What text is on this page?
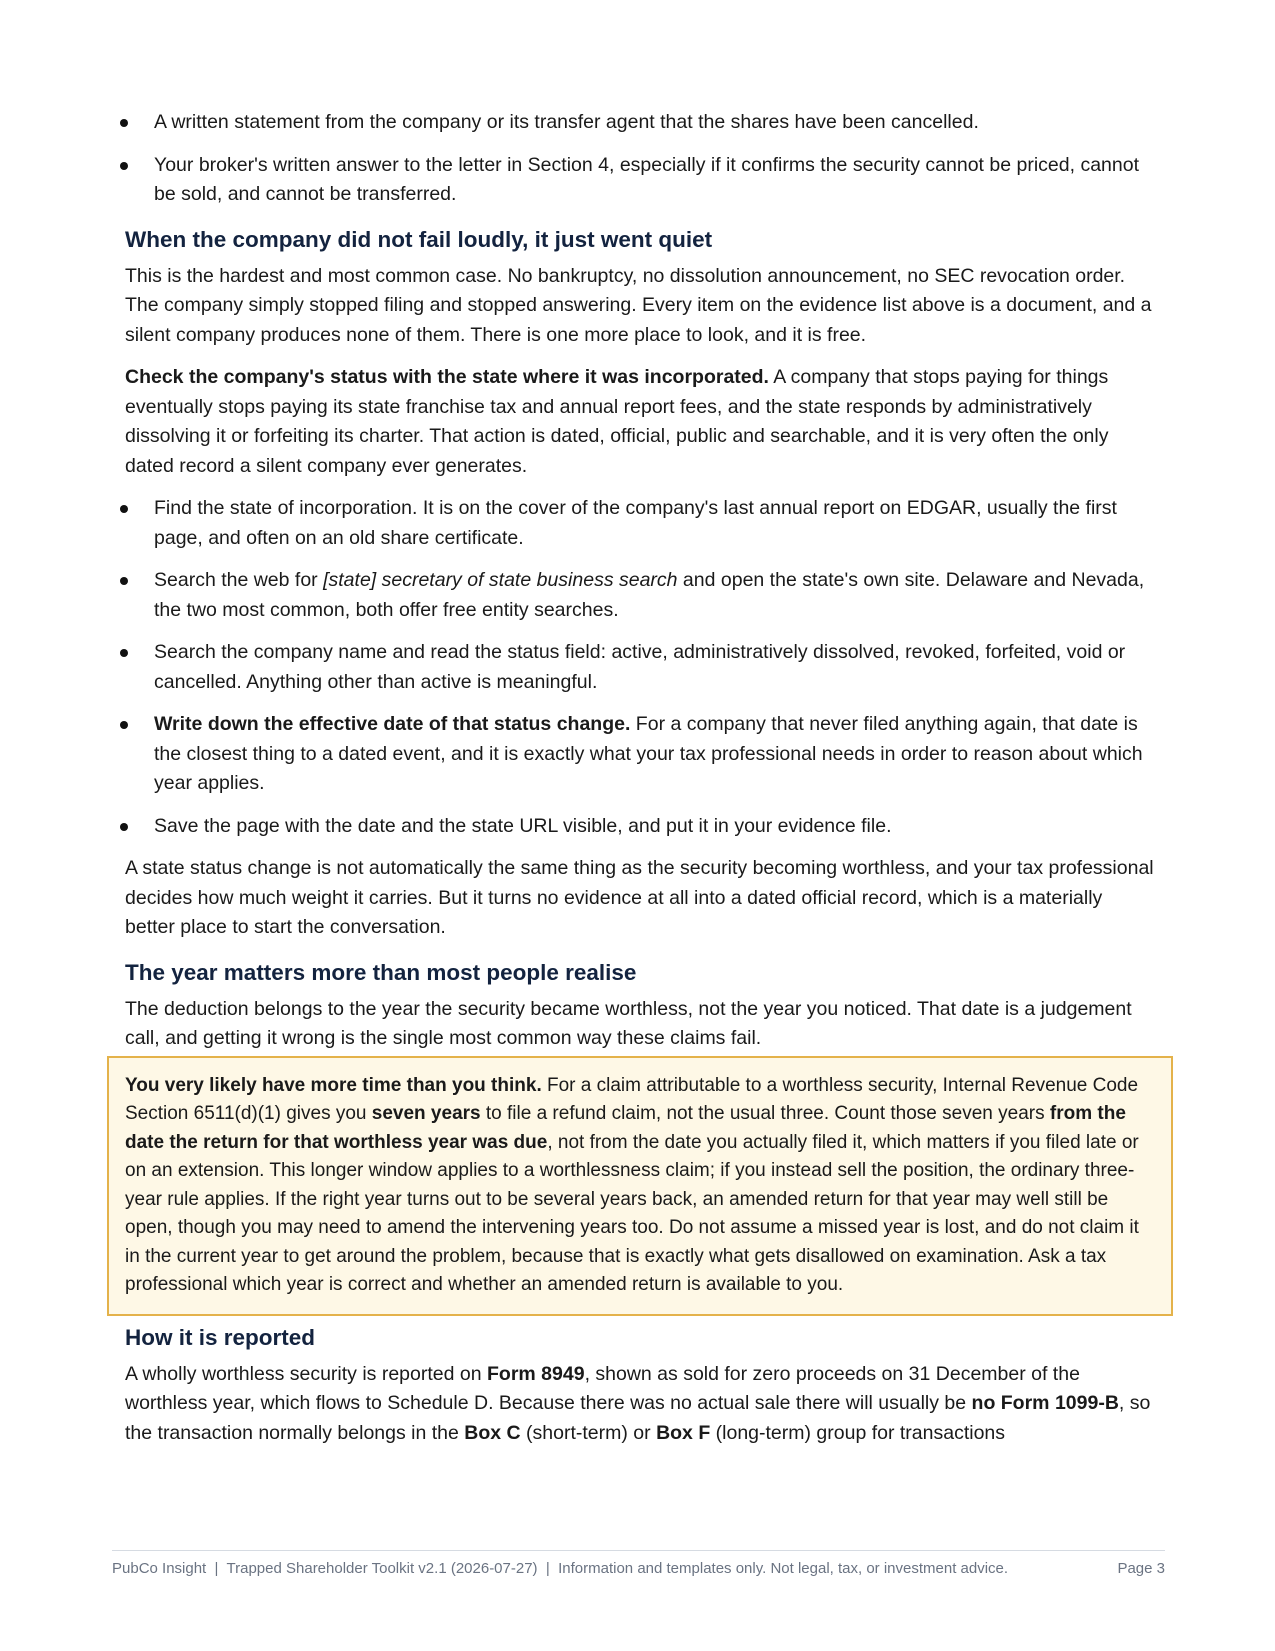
A written statement from the company or its transfer agent that the shares have been cancelled.
Your broker's written answer to the letter in Section 4, especially if it confirms the security cannot be priced, cannot be sold, and cannot be transferred.
When the company did not fail loudly, it just went quiet

This is the hardest and most common case. No bankruptcy, no dissolution announcement, no SEC revocation order. The company simply stopped filing and stopped answering. Every item on the evidence list above is a document, and a silent company produces none of them. There is one more place to look, and it is free.

Check the company's status with the state where it was incorporated. A company that stops paying for things eventually stops paying its state franchise tax and annual report fees, and the state responds by administratively dissolving it or forfeiting its charter. That action is dated, official, public and searchable, and it is very often the only dated record a silent company ever generates.

Find the state of incorporation. It is on the cover of the company's last annual report on EDGAR, usually the first page, and often on an old share certificate.
Search the web for [state] secretary of state business search and open the state's own site. Delaware and Nevada, the two most common, both offer free entity searches.
Search the company name and read the status field: active, administratively dissolved, revoked, forfeited, void or cancelled. Anything other than active is meaningful.
Write down the effective date of that status change. For a company that never filed anything again, that date is the closest thing to a dated event, and it is exactly what your tax professional needs in order to reason about which year applies.
Save the page with the date and the state URL visible, and put it in your evidence file.

A state status change is not automatically the same thing as the security becoming worthless, and your tax professional decides how much weight it carries. But it turns no evidence at all into a dated official record, which is a materially better place to start the conversation.

The year matters more than most people realise

The deduction belongs to the year the security became worthless, not the year you noticed. That date is a judgement call, and getting it wrong is the single most common way these claims fail.

You very likely have more time than you think. For a claim attributable to a worthless security, Internal Revenue Code Section 6511(d)(1) gives you seven years to file a refund claim, not the usual three. Count those seven years from the date the return for that worthless year was due, not from the date you actually filed it, which matters if you filed late or on an extension. This longer window applies to a worthlessness claim; if you instead sell the position, the ordinary three-year rule applies. If the right year turns out to be several years back, an amended return for that year may well still be open, though you may need to amend the intervening years too. Do not assume a missed year is lost, and do not claim it in the current year to get around the problem, because that is exactly what gets disallowed on examination. Ask a tax professional which year is correct and whether an amended return is available to you.

How it is reported

A wholly worthless security is reported on Form 8949, shown as sold for zero proceeds on 31 December of the worthless year, which flows to Schedule D. Because there was no actual sale there will usually be no Form 1099-B, so the transaction normally belongs in the Box C (short-term) or Box F (long-term) group for transactions

PubCo Insight  |  Trapped Shareholder Toolkit v2.1 (2026-07-27)  |  Information and templates only. Not legal, tax, or investment advice.	Page 3
